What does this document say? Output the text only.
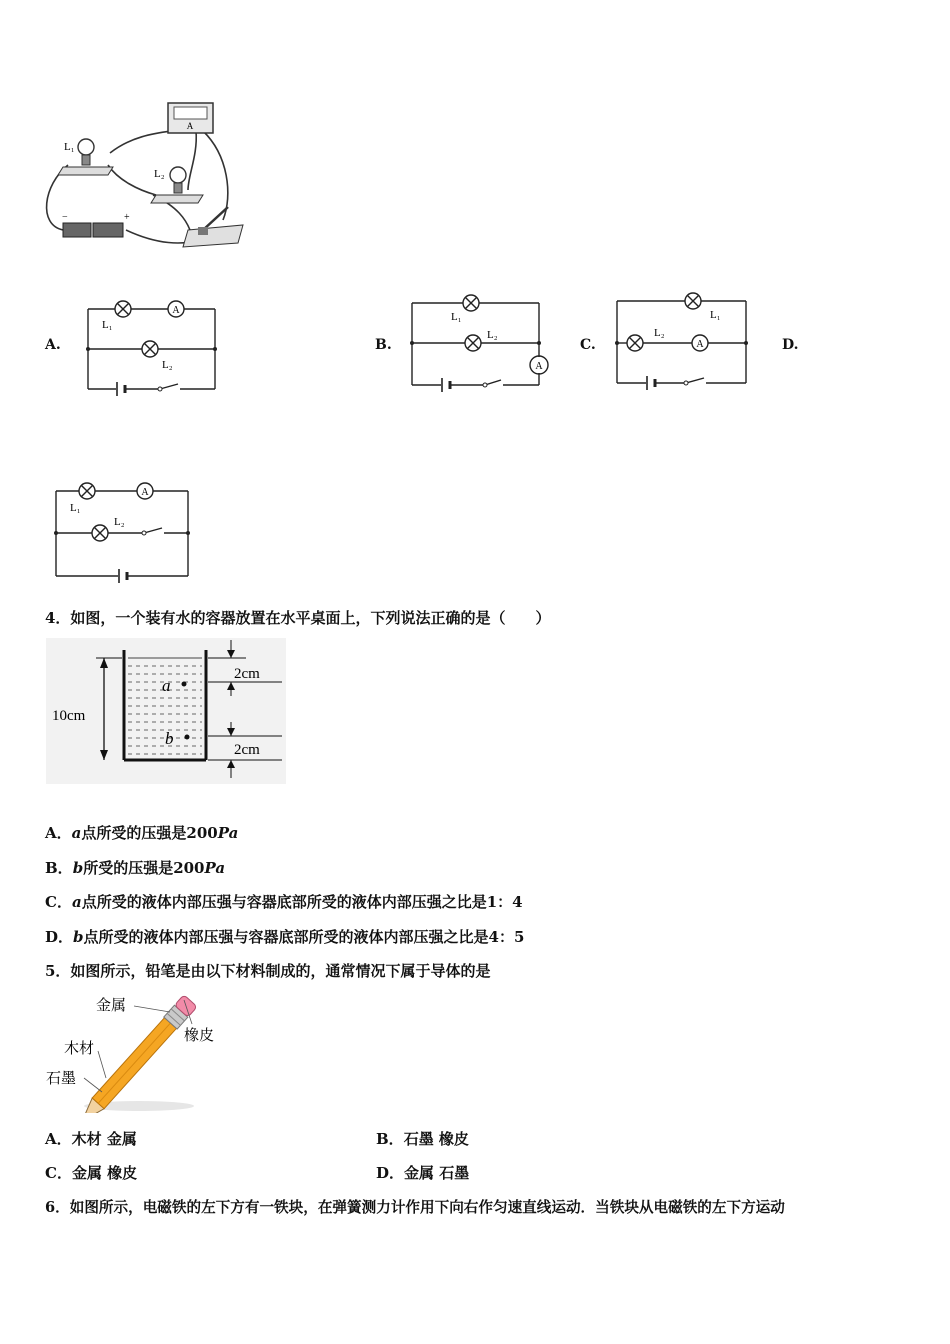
A
L₁
L₂
−	+
A.
A
L₁
L₂
B.
A
L₁
L₂
C.	A
L₁
L₂
D.
A
L₁
L₂
4．如图，一个装有水的容器放置在水平桌面上，下列说法正确的是（　　）
a
b
10cm
2cm
2cm
A．a点所受的压强是200Pa
B．b所受的压强是200Pa
C．a点所受的液体内部压强与容器底部所受的液体内部压强之比是1：4
D．b点所受的液体内部压强与容器底部所受的液体内部压强之比是4：5
5．如图所示，铅笔是由以下材料制成的，通常情况下属于导体的是
金属
橡皮
木材
石墨
A．木材 金属	B．石墨 橡皮
C．金属 橡皮	D．金属 石墨
6．如图所示，电磁铁的左下方有一铁块，在弹簧测力计作用下向右作匀速直线运动．当铁块从电磁铁的左下方运动
